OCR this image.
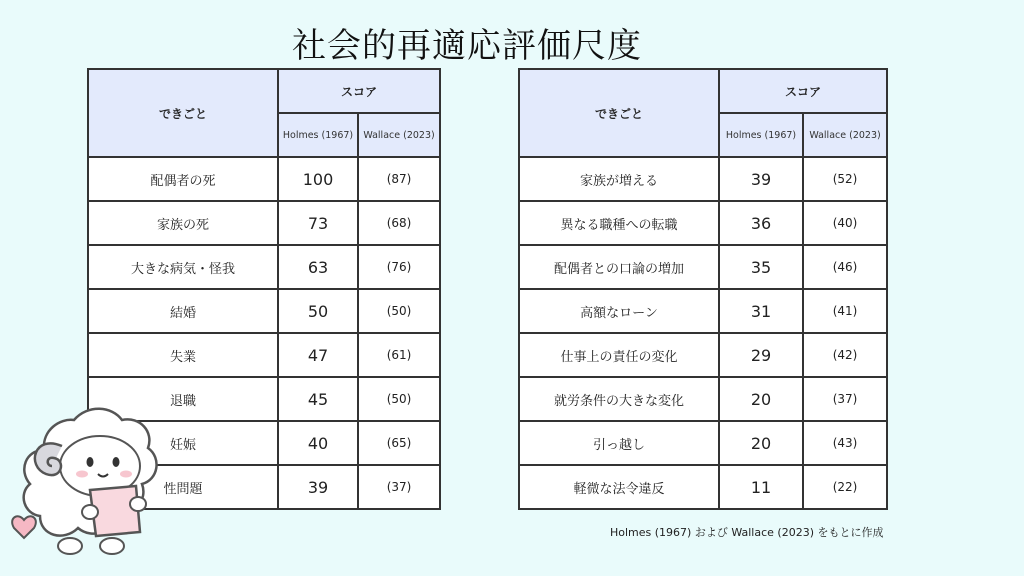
社会的再適応評価尺度
できごと	スコア	
	Holmes (1967)	Wallace (2023)
配偶者の死	100	(87)
家族の死	73	(68)
大きな病気・怪我	63	(76)
結婚	50	(50)
失業	47	(61)
退職	45	(50)
妊娠	40	(65)
性問題	39	(37)
できごと	スコア	
	Holmes (1967)	Wallace (2023)
家族が増える	39	(52)
異なる職種への転職	36	(40)
配偶者との口論の増加	35	(46)
高額なローン	31	(41)
仕事上の責任の変化	29	(42)
就労条件の大きな変化	20	(37)
引っ越し	20	(43)
軽微な法令違反	11	(22)
Holmes (1967) および Wallace (2023) をもとに作成
